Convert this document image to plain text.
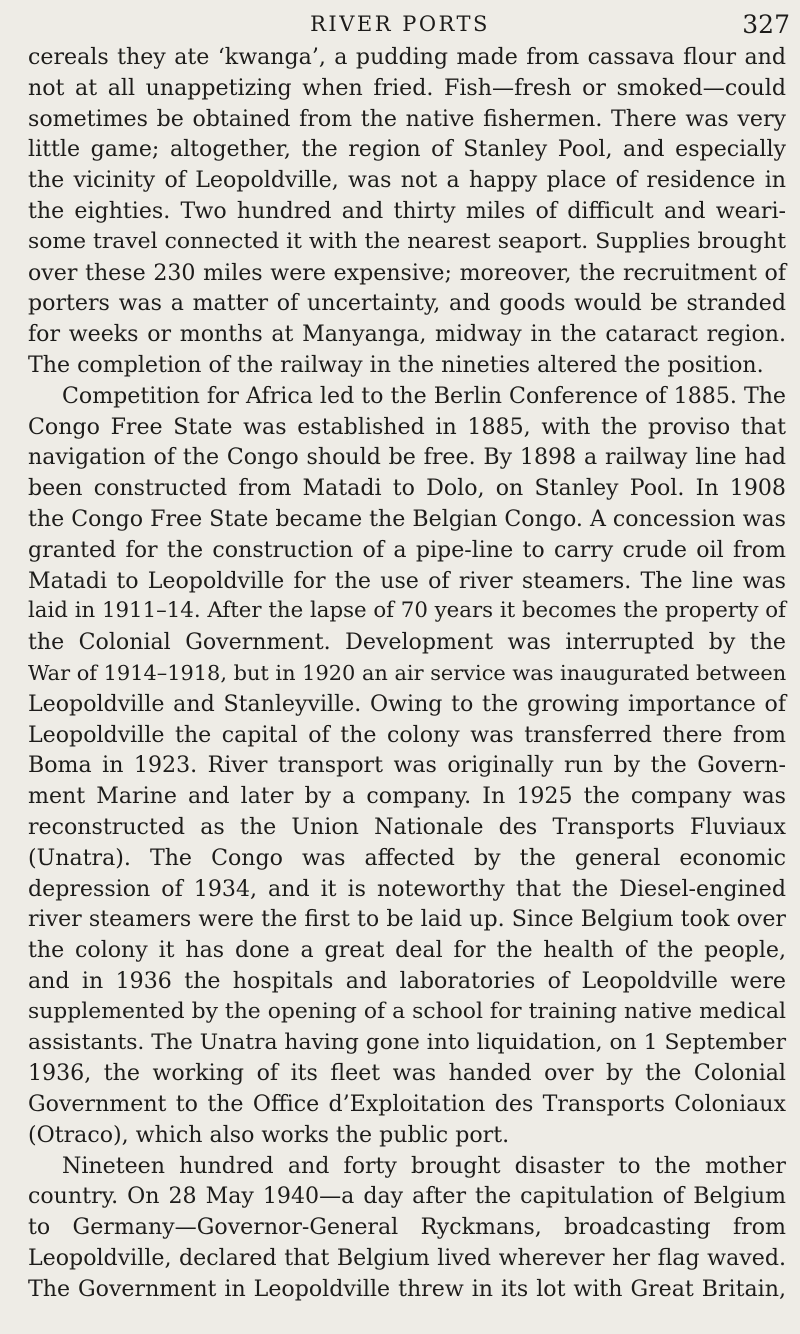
RIVER PORTS	327
cereals they ate ‘kwanga’, a pudding made from cassava flour and
not at all unappetizing when fried. Fish—fresh or smoked—could
sometimes be obtained from the native fishermen. There was very
little game; altogether, the region of Stanley Pool, and especially
the vicinity of Leopoldville, was not a happy place of residence in
the eighties. Two hundred and thirty miles of difficult and weari-
some travel connected it with the nearest seaport. Supplies brought
over these 230 miles were expensive; moreover, the recruitment of
porters was a matter of uncertainty, and goods would be stranded
for weeks or months at Manyanga, midway in the cataract region.
The completion of the railway in the nineties altered the position.
Competition for Africa led to the Berlin Conference of 1885. The
Congo Free State was established in 1885, with the proviso that
navigation of the Congo should be free. By 1898 a railway line had
been constructed from Matadi to Dolo, on Stanley Pool. In 1908
the Congo Free State became the Belgian Congo. A concession was
granted for the construction of a pipe-line to carry crude oil from
Matadi to Leopoldville for the use of river steamers. The line was
laid in 1911–14. After the lapse of 70 years it becomes the property of
the Colonial Government. Development was interrupted by the
War of 1914–1918, but in 1920 an air service was inaugurated between
Leopoldville and Stanleyville. Owing to the growing importance of
Leopoldville the capital of the colony was transferred there from
Boma in 1923. River transport was originally run by the Govern-
ment Marine and later by a company. In 1925 the company was
reconstructed as the Union Nationale des Transports Fluviaux
(Unatra). The Congo was affected by the general economic
depression of 1934, and it is noteworthy that the Diesel-engined
river steamers were the first to be laid up. Since Belgium took over
the colony it has done a great deal for the health of the people,
and in 1936 the hospitals and laboratories of Leopoldville were
supplemented by the opening of a school for training native medical
assistants. The Unatra having gone into liquidation, on 1 September
1936, the working of its fleet was handed over by the Colonial
Government to the Office d’Exploitation des Transports Coloniaux
(Otraco), which also works the public port.
Nineteen hundred and forty brought disaster to the mother
country. On 28 May 1940—a day after the capitulation of Belgium
to Germany—Governor-General Ryckmans, broadcasting from
Leopoldville, declared that Belgium lived wherever her flag waved.
The Government in Leopoldville threw in its lot with Great Britain,
